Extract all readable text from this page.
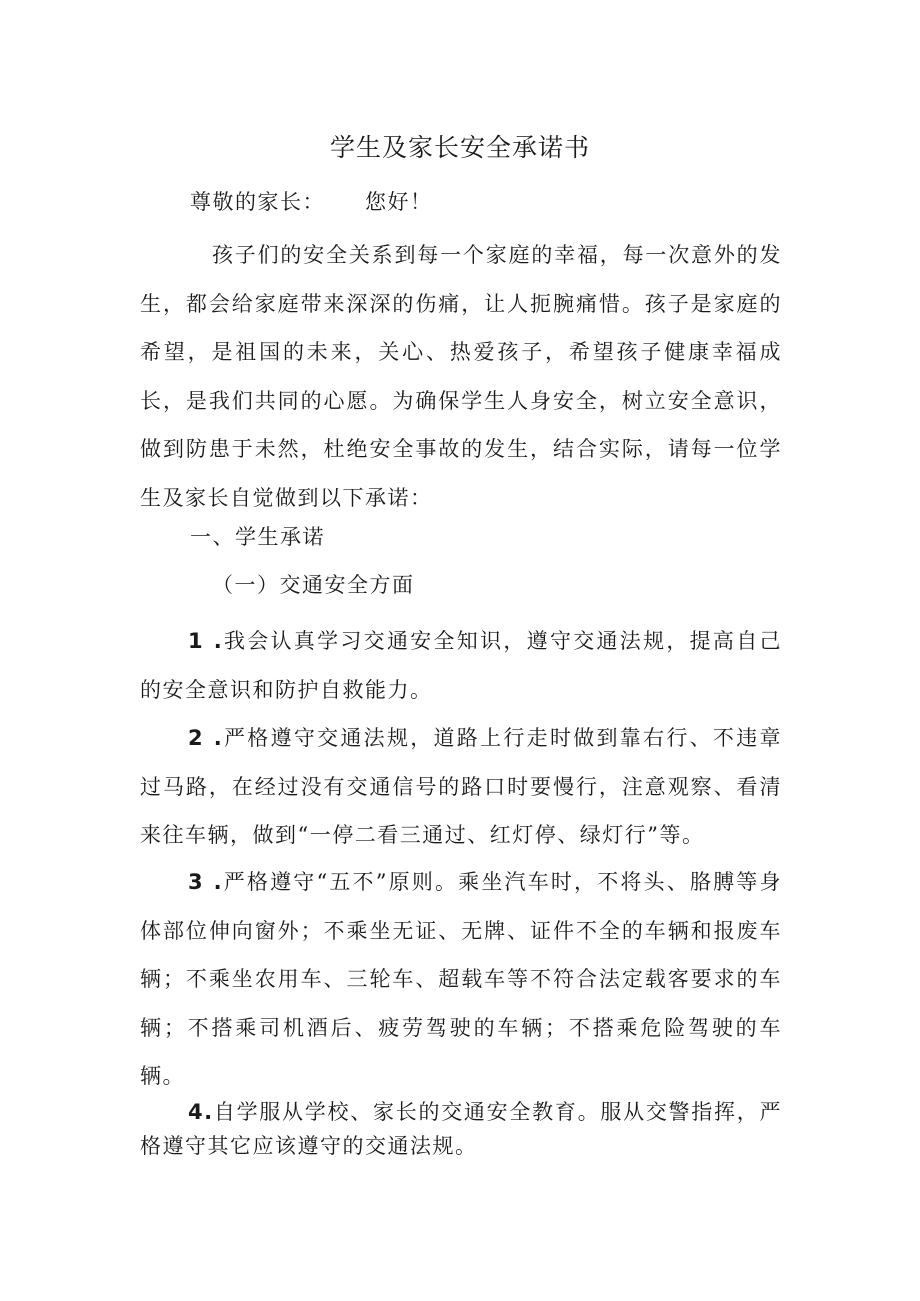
学生及家长安全承诺书
尊敬的家长： 您好！
孩子们的安全关系到每一个家庭的幸福，每一次意外的发生，都会给家庭带来深深的伤痛，让人扼腕痛惜。孩子是家庭的希望，是祖国的未来，关心、热爱孩子，希望孩子健康幸福成长，是我们共同的心愿。为确保学生人身安全，树立安全意识，做到防患于未然，杜绝安全事故的发生，结合实际，请每一位学生及家长自觉做到以下承诺：
一、学生承诺
（一）交通安全方面
1 .我会认真学习交通安全知识，遵守交通法规，提高自己的安全意识和防护自救能力。
2 .严格遵守交通法规，道路上行走时做到靠右行、不违章过马路，在经过没有交通信号的路口时要慢行，注意观察、看清来往车辆，做到“一停二看三通过、红灯停、绿灯行”等。
3 .严格遵守“五不”原则。乘坐汽车时，不将头、胳膊等身体部位伸向窗外；不乘坐无证、无牌、证件不全的车辆和报废车辆；不乘坐农用车、三轮车、超载车等不符合法定载客要求的车辆；不搭乘司机酒后、疲劳驾驶的车辆；不搭乘危险驾驶的车辆。
4.自学服从学校、家长的交通安全教育。服从交警指挥，严格遵守其它应该遵守的交通法规。
